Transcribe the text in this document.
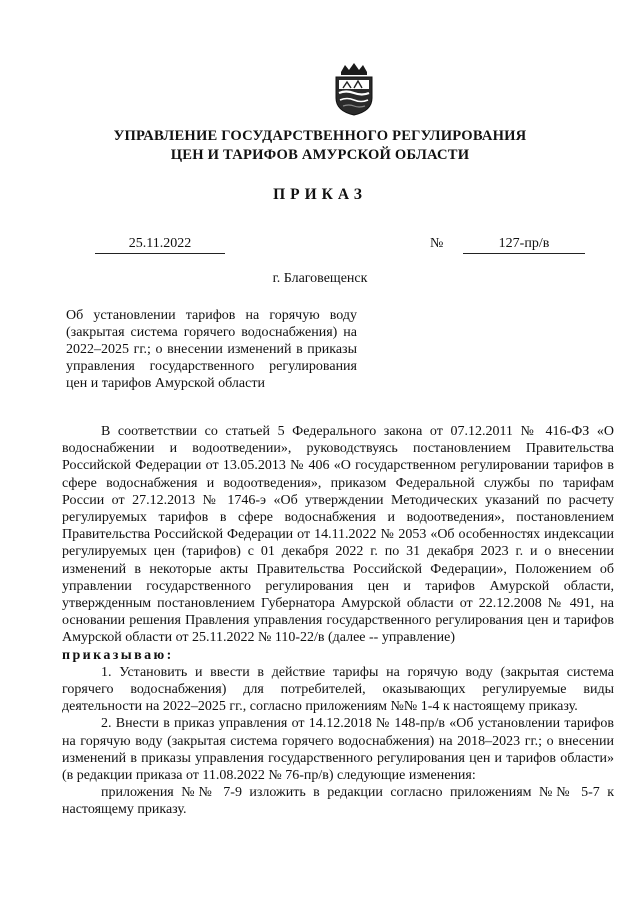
УПРАВЛЕНИЕ ГОСУДАРСТВЕННОГО РЕГУЛИРОВАНИЯ
ЦЕН И ТАРИФОВ АМУРСКОЙ ОБЛАСТИ
ПРИКАЗ
25.11.2022	№	127-пр/в
г. Благовещенск
Об установлении тарифов на горячую воду (закрытая система горячего водоснабжения) на 2022–2025 гг.; о внесении изменений в приказы управления государственного регулирования цен и тарифов Амурской области

В соответствии со статьей 5 Федерального закона от 07.12.2011 № 416-ФЗ «О водоснабжении и водоотведении», руководствуясь постановлением Правительства Российской Федерации от 13.05.2013 № 406 «О государственном регулировании тарифов в сфере водоснабжения и водоотведения», приказом Федеральной службы по тарифам России от 27.12.2013 № 1746-э «Об утверждении Методических указаний по расчету регулируемых тарифов в сфере водоснабжения и водоотведения», постановлением Правительства Российской Федерации от 14.11.2022 № 2053 «Об особенностях индексации регулируемых цен (тарифов) с 01 декабря 2022 г. по 31 декабря 2023 г. и о внесении изменений в некоторые акты Правительства Российской Федерации», Положением об управлении государственного регулирования цен и тарифов Амурской области, утвержденным постановлением Губернатора Амурской области от 22.12.2008 № 491, на основании решения Правления управления государственного регулирования цен и тарифов Амурской области от 25.11.2022 № 110-22/в (далее -- управление)

приказываю:

1. Установить и ввести в действие тарифы на горячую воду (закрытая система горячего водоснабжения) для потребителей, оказывающих регулируемые виды деятельности на 2022–2025 гг., согласно приложениям №№ 1-4 к настоящему приказу.

2. Внести в приказ управления от 14.12.2018 № 148-пр/в «Об установлении тарифов на горячую воду (закрытая система горячего водоснабжения) на 2018–2023 гг.; о внесении изменений в приказы управления государственного регулирования цен и тарифов области» (в редакции приказа от 11.08.2022 № 76-пр/в) следующие изменения:

приложения №№ 7-9 изложить в редакции согласно приложениям №№ 5-7 к настоящему приказу.
